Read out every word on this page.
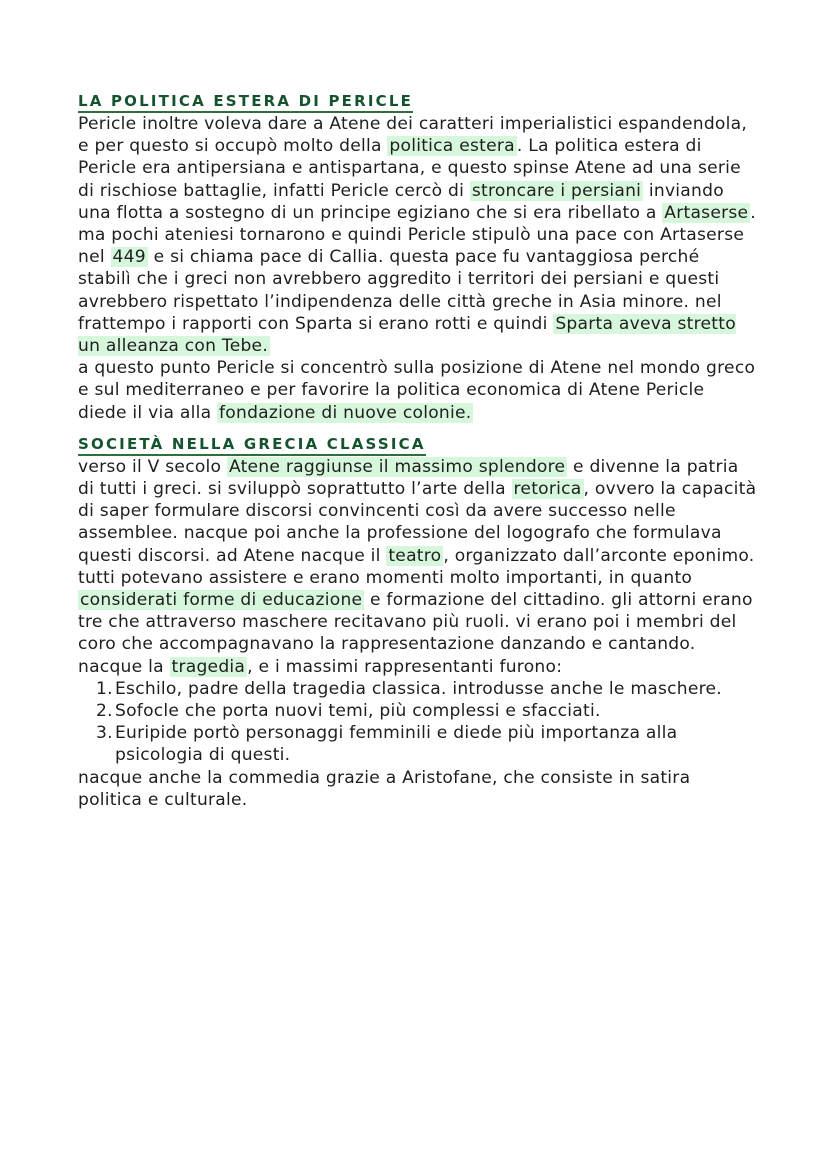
LA POLITICA ESTERA DI PERICLE

Pericle inoltre voleva dare a Atene dei caratteri imperialistici espandendola, e per questo si occupò molto della politica estera . La politica estera di Pericle era antipersiana e antispartana, e questo spinse Atene ad una serie di rischiose battaglie, infatti Pericle cercò di stroncare i persiani inviando una flotta a sostegno di un principe egiziano che si era ribellato a Artaserse . ma pochi ateniesi tornarono e quindi Pericle stipulò una pace con Artaserse nel 449 e si chiama pace di Callia. questa pace fu vantaggiosa perché stabilì che i greci non avrebbero aggredito i territori dei persiani e questi avrebbero rispettato l’indipendenza delle città greche in Asia minore. nel frattempo i rapporti con Sparta si erano rotti e quindi Sparta aveva stretto un alleanza con Tebe.

a questo punto Pericle si concentrò sulla posizione di Atene nel mondo greco e sul mediterraneo e per favorire la politica economica di Atene Pericle diede il via alla fondazione di nuove colonie.

SOCIETÀ NELLA GRECIA CLASSICA

verso il V secolo Atene raggiunse il massimo splendore e divenne la patria di tutti i greci. si sviluppò soprattutto l’arte della retorica , ovvero la capacità di saper formulare discorsi convincenti così da avere successo nelle assemblee. nacque poi anche la professione del logografo che formulava questi discorsi. ad Atene nacque il teatro , organizzato dall’arconte eponimo. tutti potevano assistere e erano momenti molto importanti, in quanto considerati forme di educazione e formazione del cittadino. gli attorni erano tre che attraverso maschere recitavano più ruoli. vi erano poi i membri del coro che accompagnavano la rappresentazione danzando e cantando.

nacque la tragedia , e i massimi rappresentanti furono:

1. Eschilo, padre della tragedia classica. introdusse anche le maschere.
2. Sofocle che porta nuovi temi, più complessi e sfacciati.
3. Euripide portò personaggi femminili e diede più importanza alla psicologia di questi.

nacque anche la commedia grazie a Aristofane, che consiste in satira politica e culturale.
